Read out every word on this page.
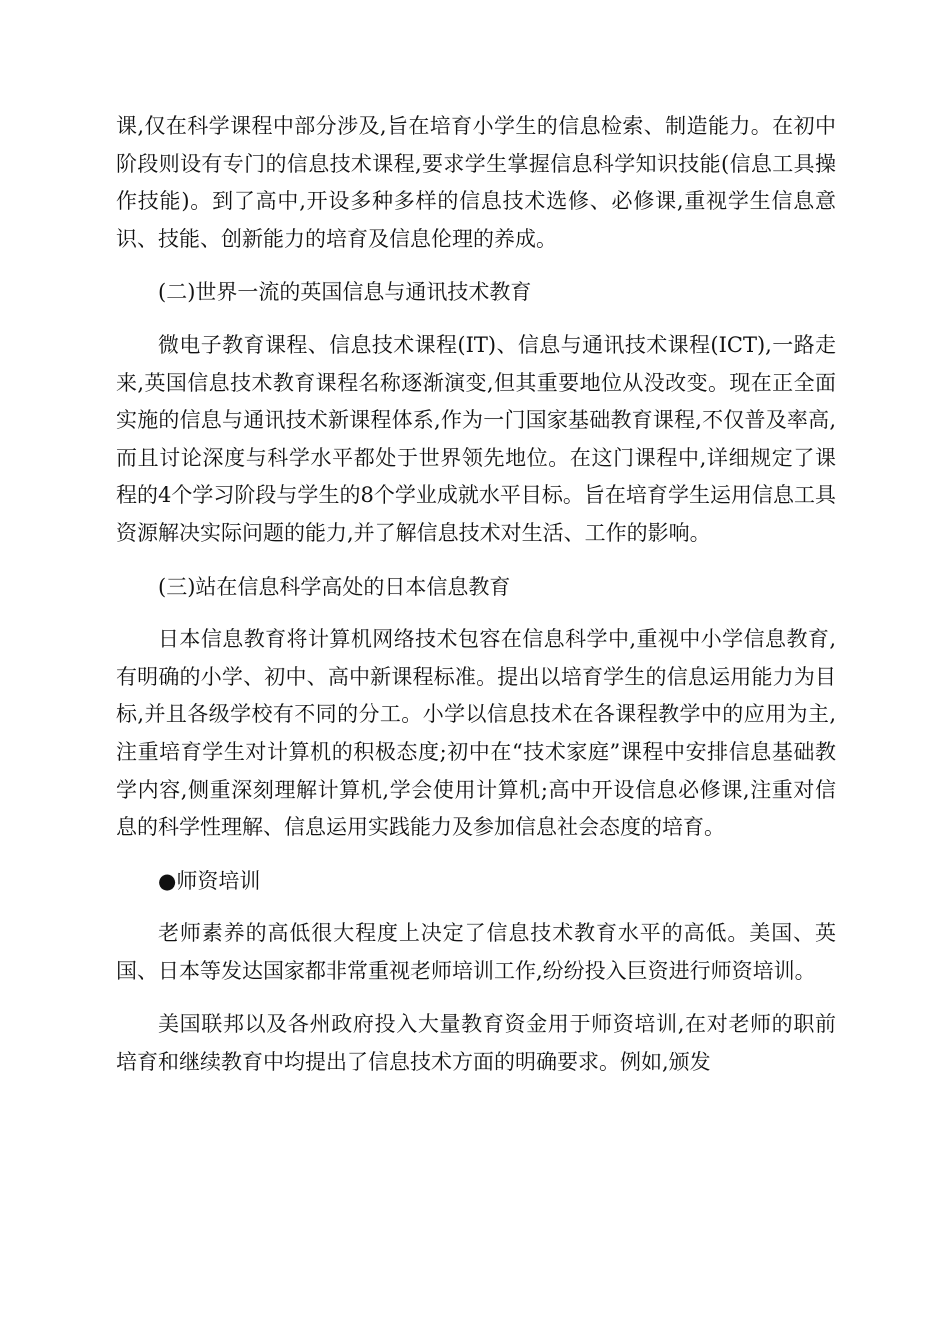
课,仅在科学课程中部分涉及,旨在培育小学生的信息检索、制造能力。在初中阶段则设有专门的信息技术课程,要求学生掌握信息科学知识技能(信息工具操作技能)。到了高中,开设多种多样的信息技术选修、必修课,重视学生信息意识、技能、创新能力的培育及信息伦理的养成。

(二)世界一流的英国信息与通讯技术教育

微电子教育课程、信息技术课程(IT)、信息与通讯技术课程(ICT),一路走来,英国信息技术教育课程名称逐渐演变,但其重要地位从没改变。现在正全面实施的信息与通讯技术新课程体系,作为一门国家基础教育课程,不仅普及率高,而且讨论深度与科学水平都处于世界领先地位。在这门课程中,详细规定了课程的4个学习阶段与学生的8个学业成就水平目标。旨在培育学生运用信息工具资源解决实际问题的能力,并了解信息技术对生活、工作的影响。

(三)站在信息科学高处的日本信息教育

日本信息教育将计算机网络技术包容在信息科学中,重视中小学信息教育,有明确的小学、初中、高中新课程标准。提出以培育学生的信息运用能力为目标,并且各级学校有不同的分工。小学以信息技术在各课程教学中的应用为主,注重培育学生对计算机的积极态度;初中在“技术家庭”课程中安排信息基础教学内容,侧重深刻理解计算机,学会使用计算机;高中开设信息必修课,注重对信息的科学性理解、信息运用实践能力及参加信息社会态度的培育。

●师资培训

老师素养的高低很大程度上决定了信息技术教育水平的高低。美国、英国、日本等发达国家都非常重视老师培训工作,纷纷投入巨资进行师资培训。

美国联邦以及各州政府投入大量教育资金用于师资培训,在对老师的职前培育和继续教育中均提出了信息技术方面的明确要求。例如,颁发
